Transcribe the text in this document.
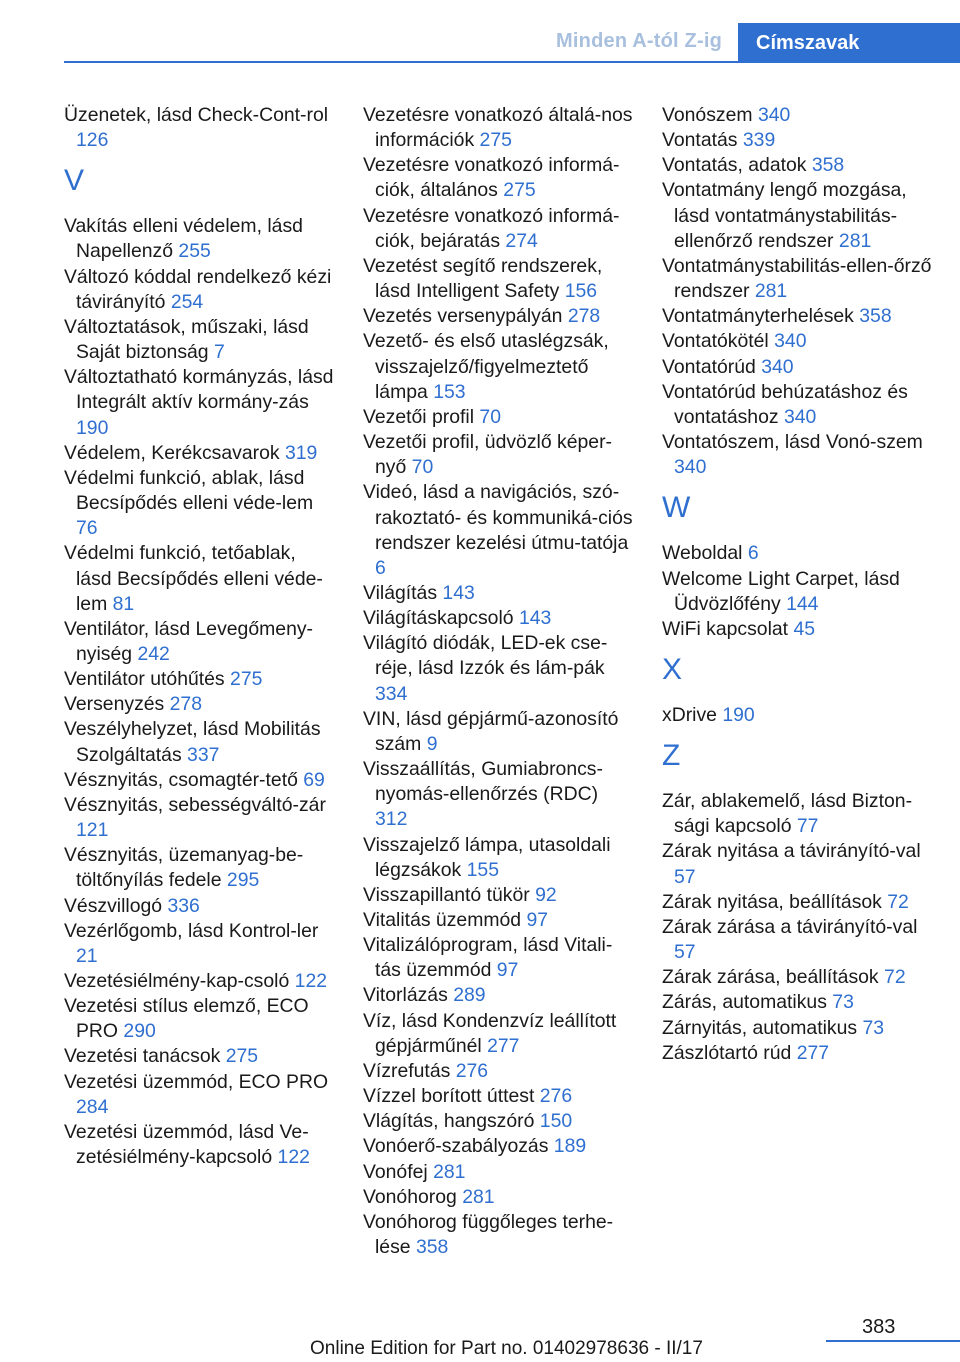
Minden A-tól Z-ig	Címszavak
Üzenetek, lásd Check-Cont‐rol 126
V
Vakítás elleni védelem, lásd Napellenző 255
Változó kóddal rendelkező kézi távirányító 254
Változtatások, műszaki, lásd Saját biztonság 7
Változtatható kormányzás, lásd Integrált aktív kormány‐zás 190
Védelem, Kerékcsavarok 319
Védelmi funkció, ablak, lásd Becsípődés elleni véde‐lem 76
Védelmi funkció, tetőablak, lásd Becsípődés elleni véde‐lem 81
Ventilátor, lásd Levegőmeny‐nyiség 242
Ventilátor utóhűtés 275
Versenyzés 278
Veszélyhelyzet, lásd Mobilitás Szolgáltatás 337
Vésznyitás, csomagtér‐tető 69
Vésznyitás, sebességváltó‐zár 121
Vésznyitás, üzemanyag-be‐töltőnyílás fedele 295
Vészvillogó 336
Vezérlőgomb, lásd Kontrol‐ler 21
Vezetésiélmény-kap‐csoló 122
Vezetési stílus elemző, ECO PRO 290
Vezetési tanácsok 275
Vezetési üzemmód, ECO PRO 284
Vezetési üzemmód, lásd Ve‐zetésiélmény-kapcsoló 122
Vezetésre vonatkozó általá‐nos információk 275
Vezetésre vonatkozó informá‐ciók, általános 275
Vezetésre vonatkozó informá‐ciók, bejáratás 274
Vezetést segítő rendszerek, lásd Intelligent Safety 156
Vezetés versenypályán 278
Vezető- és első utaslégzsák, visszajelző/figyelmeztető lámpa 153
Vezetői profil 70
Vezetői profil, üdvözlő képer‐nyő 70
Videó, lásd a navigációs, szó‐rakoztató- és kommuniká‐ciós rendszer kezelési útmu‐tatója 6
Világítás 143
Világításkapcsoló 143
Világító diódák, LED-ek cse‐réje, lásd Izzók és lám‐pák 334
VIN, lásd gépjármű-azonosító szám 9
Visszaállítás, Gumiabroncs-nyomás-ellenőrzés (RDC) 312
Visszajelző lámpa, utasoldali légzsákok 155
Visszapillantó tükör 92
Vitalitás üzemmód 97
Vitalizálóprogram, lásd Vitali‐tás üzemmód 97
Vitorlázás 289
Víz, lásd Kondenzvíz leállított gépjárműnél 277
Vízrefutás 276
Vízzel borított úttest 276
Vlágítás, hangszóró 150
Vonóerő-szabályozás 189
Vonófej 281
Vonóhorog 281
Vonóhorog függőleges terhe‐lése 358
Vonószem 340
Vontatás 339
Vontatás, adatok 358
Vontatmány lengő mozgása, lásd vontatmánystabilitás-ellenőrző rendszer 281
Vontatmánystabilitás-ellen‐őrző rendszer 281
Vontatmányterhelések 358
Vontatókötél 340
Vontatórúd 340
Vontatórúd behúzatáshoz és vontatáshoz 340
Vontatószem, lásd Vonó‐szem 340
W
Weboldal 6
Welcome Light Carpet, lásd Üdvözlőfény 144
WiFi kapcsolat 45
X
xDrive 190
Z
Zár, ablakemelő, lásd Bizton‐sági kapcsoló 77
Zárak nyitása a távirányító‐val 57
Zárak nyitása, beállítások 72
Zárak zárása a távirányító‐val 57
Zárak zárása, beállítások 72
Zárás, automatikus 73
Zárnyitás, automatikus 73
Zászlótartó rúd 277
383
Online Edition for Part no. 01402978636 - II/17
